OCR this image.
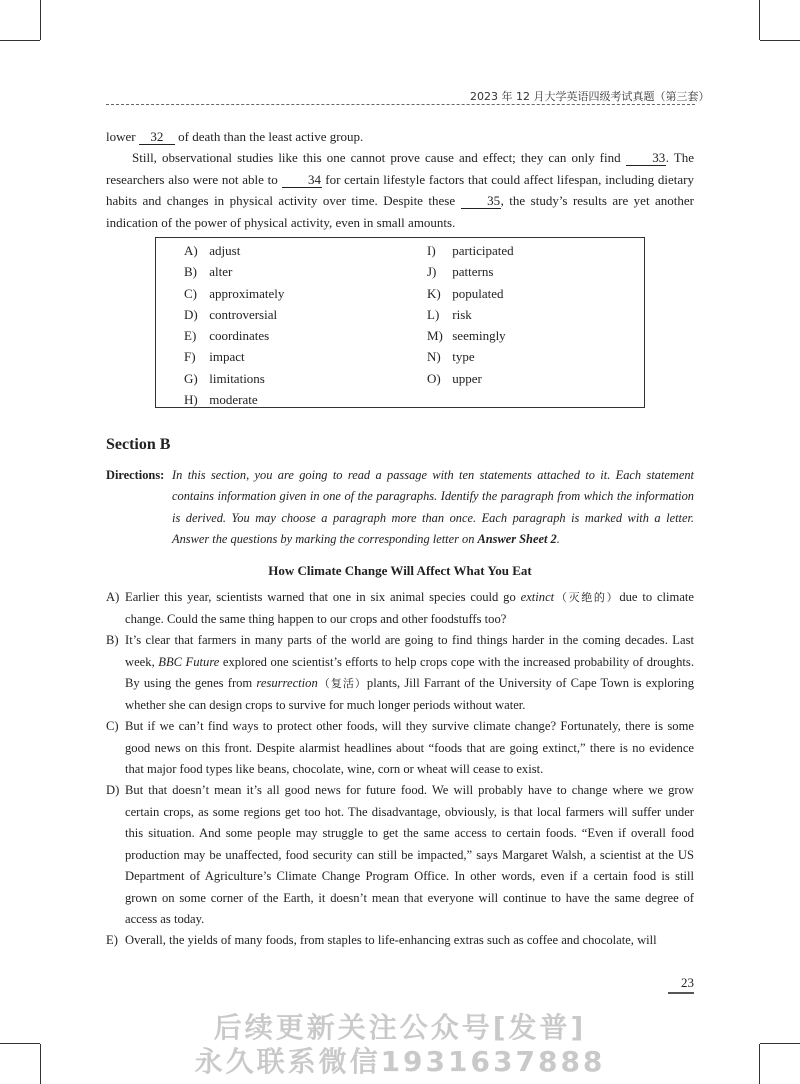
2023 年 12 月大学英语四级考试真题（第三套）

lower 32 of death than the least active group.

Still, observational studies like this one cannot prove cause and effect; they can only find 33. The researchers also were not able to 34 for certain lifestyle factors that could affect lifespan, including dietary habits and changes in physical activity over time. Despite these 35, the study’s results are yet another indication of the power of physical activity, even in small amounts.

A) adjust
B) alter
C) approximately
D) controversial
E) coordinates
F) impact
G) limitations
H) moderate
I) participated
J) patterns
K) populated
L) risk
M) seemingly
N) type
O) upper
Section B
Directions: In this section, you are going to read a passage with ten statements attached to it. Each statement contains information given in one of the paragraphs. Identify the paragraph from which the information is derived. You may choose a paragraph more than once. Each paragraph is marked with a letter. Answer the questions by marking the corresponding letter on Answer Sheet 2.
How Climate Change Will Affect What You Eat
A) Earlier this year, scientists warned that one in six animal species could go extinct（灭绝的）due to climate change. Could the same thing happen to our crops and other foodstuffs too?
B) It’s clear that farmers in many parts of the world are going to find things harder in the coming decades. Last week, BBC Future explored one scientist’s efforts to help crops cope with the increased probability of droughts. By using the genes from resurrection（复活）plants, Jill Farrant of the University of Cape Town is exploring whether she can design crops to survive for much longer periods without water.
C) But if we can’t find ways to protect other foods, will they survive climate change? Fortunately, there is some good news on this front. Despite alarmist headlines about “foods that are going extinct,” there is no evidence that major food types like beans, chocolate, wine, corn or wheat will cease to exist.
D) But that doesn’t mean it’s all good news for future food. We will probably have to change where we grow certain crops, as some regions get too hot. The disadvantage, obviously, is that local farmers will suffer under this situation. And some people may struggle to get the same access to certain foods. “Even if overall food production may be unaffected, food security can still be impacted,” says Margaret Walsh, a scientist at the US Department of Agriculture’s Climate Change Program Office. In other words, even if a certain food is still grown on some corner of the Earth, it doesn’t mean that everyone will continue to have the same degree of access as today.
E) Overall, the yields of many foods, from staples to life-enhancing extras such as coffee and chocolate, will
23
后续更新关注公众号[发普]
永久联系微信1931637888
